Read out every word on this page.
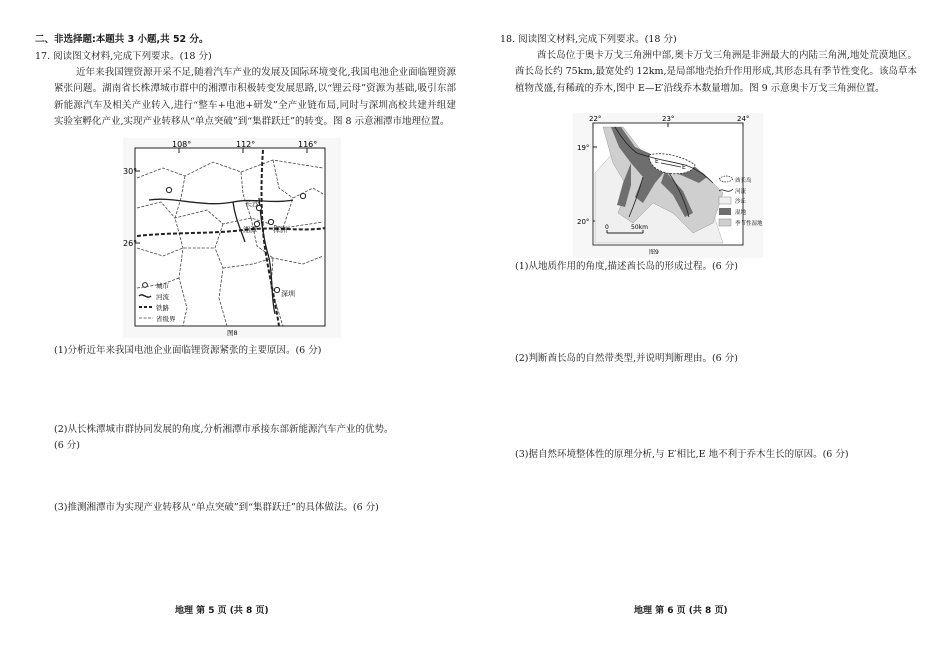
二、非选择题:本题共 3 小题,共 52 分。
17. 阅读图文材料,完成下列要求。(18 分)
近年来我国锂资源开采不足,随着汽车产业的发展及国际环境变化,我国电池企业面临锂资源紧张问题。湖南省长株潭城市群中的湘潭市积极转变发展思路,以“锂云母”资源为基础,吸引东部新能源汽车及相关产业转入,进行“整车+电池+研发”全产业链布局,同时与深圳高校共建并组建实验室孵化产业,实现产业转移从“单点突破”到“集群跃迁”的转变。图 8 示意湘潭市地理位置。
108°	112°	116°
30°
26°
长沙
湘潭 株洲
深圳
城市
河流
铁路
省级界
图8
(1)分析近年来我国电池企业面临锂资源紧张的主要原因。(6 分)
(2)从长株潭城市群协同发展的角度,分析湘潭市承接东部新能源汽车产业的优势。
(6 分)
(3)推测湘潭市为实现产业转移从“单点突破”到“集群跃迁”的具体做法。(6 分)
地理 第 5 页 (共 8 页)
18. 阅读图文材料,完成下列要求。(18 分)
酋长岛位于奥卡万戈三角洲中部,奥卡万戈三角洲是非洲最大的内陆三角洲,地处荒漠地区。酋长岛长约 75km,最宽处约 12km,是局部地壳抬升作用形成,其形态具有季节性变化。该岛草本植物茂盛,有稀疏的乔木,图中 E—E′沿线乔木数量增加。图 9 示意奥卡万戈三角洲位置。
22°	23°	24°
19°
20°
E
E′
0	50km
酋长岛
河流
沙丘
湿地
季节性湿地
图9
(1)从地质作用的角度,描述酋长岛的形成过程。(6 分)
(2)判断酋长岛的自然带类型,并说明判断理由。(6 分)
(3)据自然环境整体性的原理分析,与 E′相比,E 地不利于乔木生长的原因。(6 分)
地理 第 6 页 (共 8 页)
